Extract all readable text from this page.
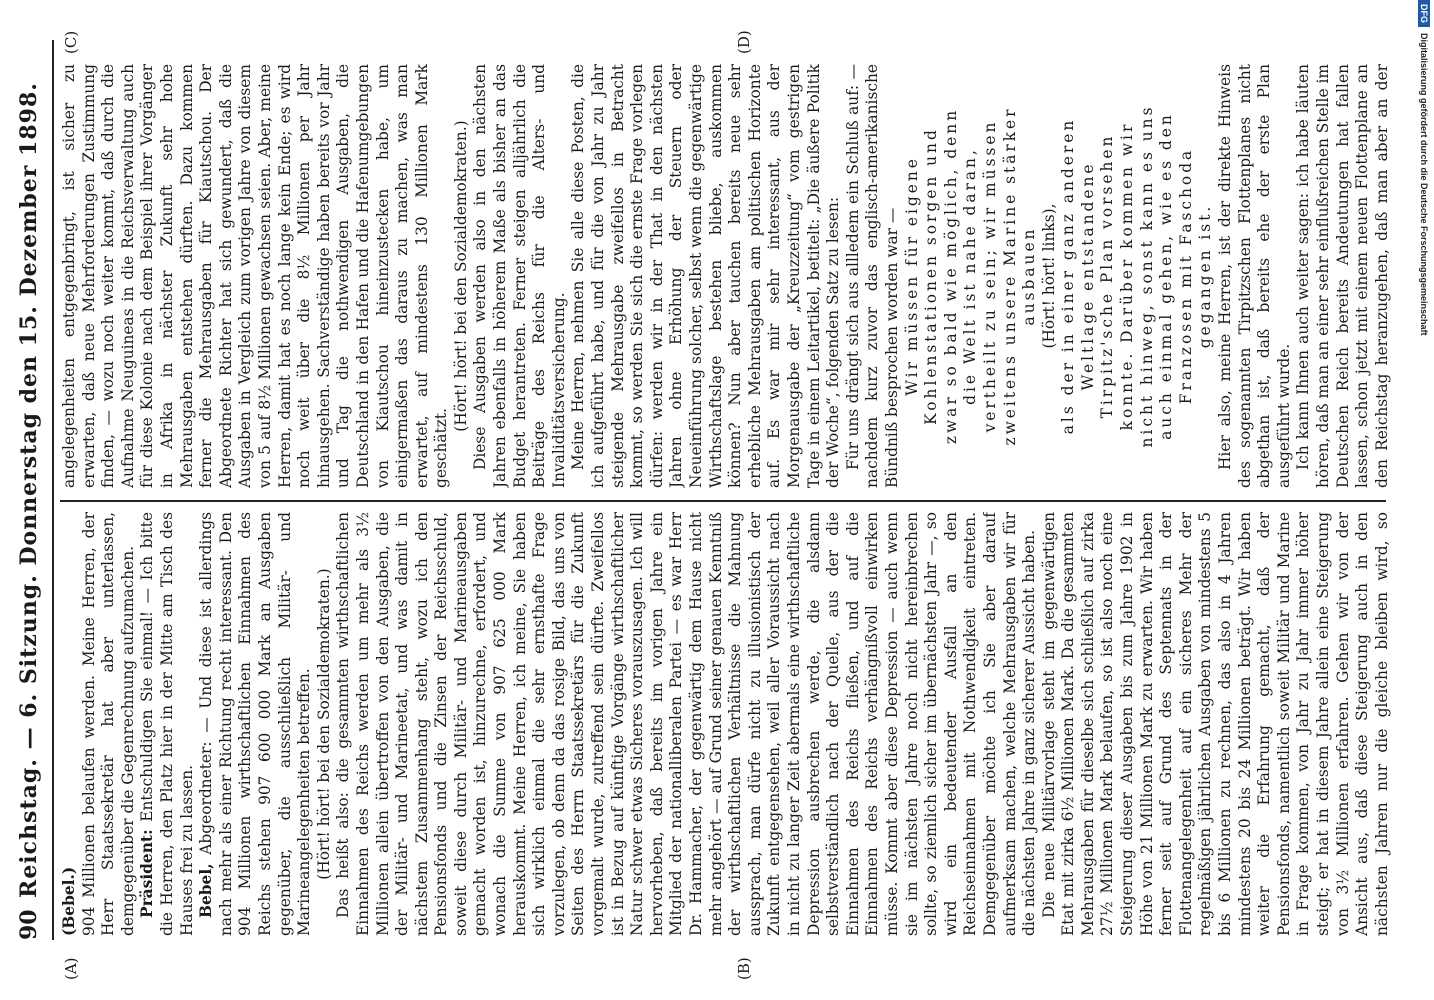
90
Reichstag. — 6. Sitzung. Donnerstag den 15. Dezember 1898.
(A)	(B)
(C)	(D)

(Bebel.) 904 Millionen belaufen werden. Meine Herren, der Herr Staatssekretär hat aber unterlassen, demgegenüber die Gegenrechnung aufzumachen. Präsident: Entschuldigen Sie einmal! — Ich bitte die Herren, den Platz hier in der Mitte am Tisch des Hauses frei zu lassen. Bebel, Abgeordneter: — Und diese ist allerdings nach mehr als einer Richtung recht interessant. Den 904 Millionen wirthschaftlichen Einnahmen des Reichs stehen 907 600 000 Mark an Ausgaben gegenüber, die ausschließlich Militär- und Marineangelegenheiten betreffen. (Hört! hört! bei den Sozialdemokraten.) Das heißt also: die gesammten wirthschaftlichen Einnahmen des Reichs werden um mehr als 3½ Millionen allein übertroffen von den Ausgaben, die der Militär- und Marineetat, und was damit in nächstem Zusammenhang steht, wozu ich den Pensionsfonds und die Zinsen der Reichsschuld, soweit diese durch Militär- und Marineausgaben gemacht worden ist, hinzurechne, erfordert, und wonach die Summe von 907 625 000 Mark herauskommt. Meine Herren, ich meine, Sie haben sich wirklich einmal die sehr ernsthafte Frage vorzulegen, ob denn da das rosige Bild, das uns von Seiten des Herrn Staatssekretärs für die Zukunft vorgemalt wurde, zutreffend sein dürfte. Zweifellos ist in Bezug auf künftige Vorgänge wirthschaftlicher Natur schwer etwas Sicheres vorauszusagen. Ich will hervorheben, daß bereits im vorigen Jahre ein Mitglied der nationalliberalen Partei — es war Herr Dr. Hammacher, der gegenwärtig dem Hause nicht mehr angehört — auf Grund seiner genauen Kenntniß der wirthschaftlichen Verhältnisse die Mahnung aussprach, man dürfe nicht zu illusionistisch der Zukunft entgegensehen, weil aller Voraussicht nach in nicht zu langer Zeit abermals eine wirthschaftliche Depression ausbrechen werde, die alsdann selbstverständlich nach der Quelle, aus der die Einnahmen des Reichs fließen, und auf die Einnahmen des Reichs verhängnißvoll einwirken müsse. Kommt aber diese Depression — auch wenn sie im nächsten Jahre noch nicht hereinbrechen sollte, so ziemlich sicher im übernächsten Jahr —, so wird ein bedeutender Ausfall an den Reichseinnahmen mit Nothwendigkeit eintreten. Demgegenüber möchte ich Sie aber darauf aufmerksam machen, welche Mehrausgaben wir für die nächsten Jahre in ganz sicherer Aussicht haben. Die neue Militärvorlage steht im gegenwärtigen Etat mit zirka 6½ Millionen Mark. Da die gesammten Mehrausgaben für dieselbe sich schließlich auf zirka 27½ Millionen Mark belaufen, so ist also noch eine Steigerung dieser Ausgaben bis zum Jahre 1902 in Höhe von 21 Millionen Mark zu erwarten. Wir haben ferner seit auf Grund des Septennats in der Flottenangelegenheit auf ein sicheres Mehr der regelmäßigen jährlichen Ausgaben von mindestens 5 bis 6 Millionen zu rechnen, das also in 4 Jahren mindestens 20 bis 24 Millionen beträgt. Wir haben weiter die Erfahrung gemacht, daß der Pensionsfonds, namentlich soweit Militär und Marine in Frage kommen, von Jahr zu Jahr immer höher steigt; er hat in diesem Jahre allein eine Steigerung von 3½ Millionen erfahren. Gehen wir von der Ansicht aus, daß diese Steigerung auch in den nächsten Jahren nur die gleiche bleiben wird, so

angelegenheiten entgegenbringt, ist sicher zu erwarten, daß neue Mehrforderungen Zustimmung finden, — wozu noch weiter kommt, daß durch die Aufnahme Neuguineas in die Reichsverwaltung auch für diese Kolonie nach dem Beispiel ihrer Vorgänger in Afrika in nächster Zukunft sehr hohe Mehrausgaben entstehen dürften. Dazu kommen ferner die Mehrausgaben für Kiautschou. Der Abgeordnete Richter hat sich gewundert, daß die Ausgaben in Vergleich zum vorigen Jahre von diesem von 5 auf 8½ Millionen gewachsen seien. Aber, meine Herren, damit hat es noch lange kein Ende; es wird noch weit über die 8½ Millionen per Jahr hinausgehen. Sachverständige haben bereits vor Jahr und Tag die nothwendigen Ausgaben, die Deutschland in den Hafen und die Hafenumgebungen von Kiautschou hineinzustecken habe, um einigermaßen das daraus zu machen, was man erwartet, auf mindestens 130 Millionen Mark geschätzt.

(Hört! hört! bei den Sozialdemokraten.) Diese Ausgaben werden also in den nächsten Jahren ebenfalls in höherem Maße als bisher an das Budget herantreten. Ferner steigen alljährlich die Beiträge des Reichs für die Alters- und Invaliditätsversicherung. Meine Herren, nehmen Sie alle diese Posten, die ich aufgeführt habe, und für die von Jahr zu Jahr steigende Mehrausgabe zweifellos in Betracht kommt, so werden Sie sich die ernste Frage vorlegen dürfen: werden wir in der That in den nächsten Jahren ohne Erhöhung der Steuern oder Neueinführung solcher, selbst wenn die gegenwärtige Wirthschaftslage bestehen bliebe, auskommen können? Nun aber tauchen bereits neue sehr erhebliche Mehrausgaben am politischen Horizonte auf. Es war mir sehr interessant, aus der Morgenausgabe der „Kreuzzeitung“ vom gestrigen Tage in einem Leitartikel, betitelt: „Die äußere Politik der Woche“, folgenden Satz zu lesen: Für uns drängt sich aus allledem ein Schluß auf: — nachdem kurz zuvor das englisch-amerikanische Bündniß besprochen worden war — Wir müssen für eigene Kohlenstationen sorgen und zwar so bald wie möglich, denn die Welt ist nahe daran, vertheilt zu sein; wir müssen zweitens unsere Marine stärker ausbauen (Hört! hört! links), als der in einer ganz anderen Weltlage entstandene Tirpitz'sche Plan vorsehen konnte. Darüber kommen wir nicht hinweg, sonst kann es uns auch einmal gehen, wie es den Franzosen mit Faschoda gegangen ist. Hier also, meine Herren, ist der direkte Hinweis des sogenannten Tirpitzschen Flottenplanes nicht abgethan ist, daß bereits ehe der erste Plan ausgeführt wurde. Ich kann Ihnen auch weiter sagen: ich habe läuten hören, daß man an einer sehr einflußreichen Stelle im Deutschen Reich bereits Andeutungen hat fallen lassen, schon jetzt mit einem neuen Flottenplane an den Reichstag heranzugehen, daß man aber an der

DFGDigitalisierung gefördert durch die Deutsche Forschungsgemeinschaft
